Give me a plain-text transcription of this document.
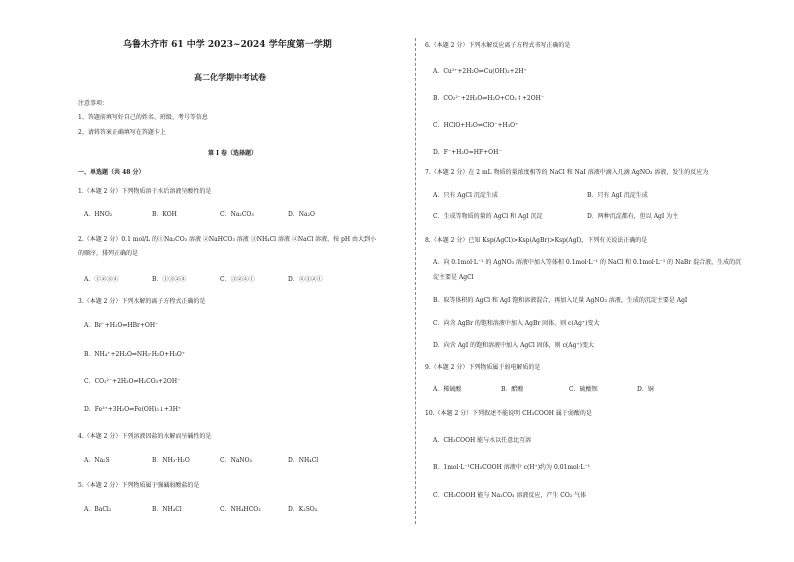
乌鲁木齐市 61 中学 2023~2024 学年度第一学期
高二化学期中考试卷
注意事项：
1、答题前填写好自己的姓名、班级、考号等信息
2、请将答案正确填写在答题卡上
第 I 卷（选择题）
一、单选题（共 48 分）
1.（本题 2 分）下列物质溶于水后溶液呈酸性的是
A．HNO₂	B．KOH	C．Na₂CO₃	D．Na₂O
2.（本题 2 分）0.1 mol/L 的①Na₂CO₃ 溶液 ②NaHCO₃ 溶液 ③NH₄Cl 溶液 ④NaCl 溶液，按 pH 由大到小
的顺序，排列正确的是
A．①②③④	B．①③②④	C．③②④①	D．④③②①
3.（本题 2 分）下列水解的离子方程式正确的是
A．Br⁻+H₂O⇌HBr+OH⁻
B．NH₄⁺+2H₂O⇌NH₃·H₂O+H₃O⁺
C．CO₃²⁻+2H₂O⇌H₂CO₃+2OH⁻
D．Fe³⁺+3H₂O⇌Fe(OH)₃↓+3H⁺
4.（本题 2 分）下列溶液因盐的水解而呈碱性的是
A．Na₂S	B．NH₃·H₂O	C．NaNO₃	D．NH₄Cl
5.（本题 2 分）下列物质属于强碱弱酸盐的是
A．BaCl₂	B．NH₄Cl	C．NH₄HCO₃	D．K₂SO₃
6.（本题 2 分）下列水解反应离子方程式书写正确的是
A．Cu²⁺+2H₂O⇌Cu(OH)₂+2H⁺
B．CO₃²⁻+2H₂O⇌H₂O+CO₂↑+2OH⁻
C．HClO+H₂O⇌ClO⁻+H₃O⁺
D．F⁻+H₂O=HF+OH⁻
7.（本题 2 分）在 2 mL 物质的量浓度相等的 NaCl 和 NaI 溶液中滴入几滴 AgNO₃ 溶液，发生的反应为
A．只有 AgCl 沉淀生成	B．只有 AgI 沉淀生成
C．生成等物质的量的 AgCl 和 AgI 沉淀	D．两种沉淀都有，但以 AgI 为主
8.（本题 2 分）已知 Ksp(AgCl)>Ksp(AgBr)>Ksp(AgI)，下列有关说法正确的是
A．向 0.1mol·L⁻¹ 的 AgNO₃ 溶液中加入等体积 0.1mol·L⁻¹ 的 NaCl 和 0.1mol·L⁻¹ 的 NaBr 混合液，生成的沉
淀主要是 AgCl
B．取等体积的 AgCl 和 AgI 饱和溶液混合，再加入足量 AgNO₃ 溶液，生成的沉淀主要是 AgI
C．向含 AgBr 的饱和溶液中加入 AgBr 固体，则 c(Ag⁺)变大
D．向含 AgI 的饱和溶液中加入 AgCl 固体，则 c(Ag⁺)变大
9.（本题 2 分）下列物质属于弱电解质的是
A．稀硫酸	B．醋酸	C．硫酸钡	D．铜
10.（本题 2 分）下列叙述不能说明 CH₃COOH 属于弱酸的是
A．CH₃COOH 能与水以任意比互溶
B．1mol·L⁻¹CH₃COOH 溶液中 c(H⁺)约为 0.01mol·L⁻¹
C．CH₃COOH 能与 Na₂CO₃ 溶液反应，产生 CO₂ 气体
